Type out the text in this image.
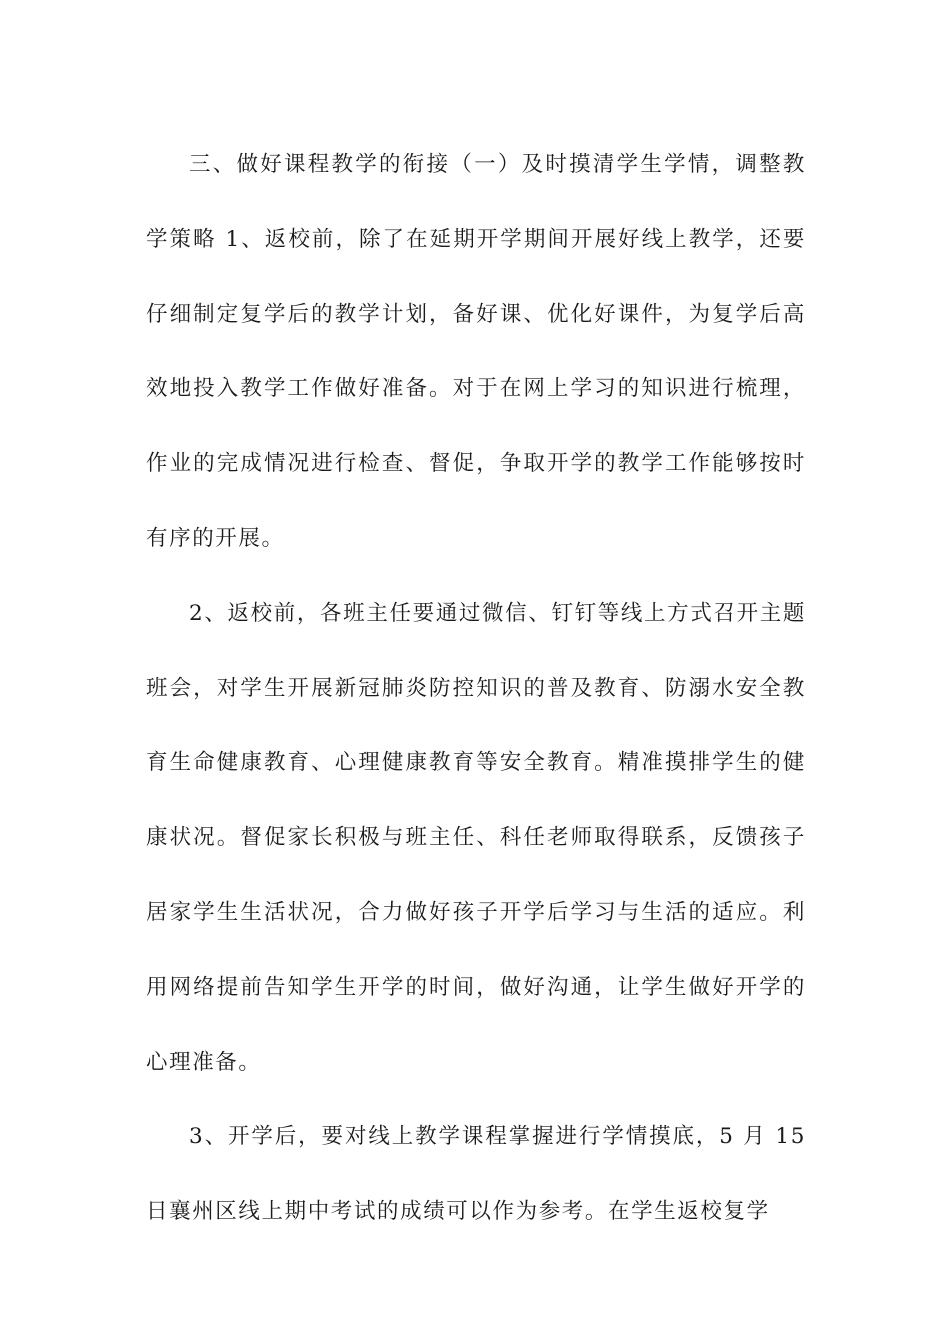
三、做好课程教学的衔接（一）及时摸清学生学情，调整教学策略 1、返校前，除了在延期开学期间开展好线上教学，还要仔细制定复学后的教学计划，备好课、优化好课件，为复学后高效地投入教学工作做好准备。对于在网上学习的知识进行梳理，作业的完成情况进行检查、督促，争取开学的教学工作能够按时有序的开展。

2、返校前，各班主任要通过微信、钉钉等线上方式召开主题班会，对学生开展新冠肺炎防控知识的普及教育、防溺水安全教育生命健康教育、心理健康教育等安全教育。精准摸排学生的健康状况。督促家长积极与班主任、科任老师取得联系，反馈孩子居家学生生活状况，合力做好孩子开学后学习与生活的适应。利用网络提前告知学生开学的时间，做好沟通，让学生做好开学的心理准备。

3、开学后，要对线上教学课程掌握进行学情摸底，5 月 15 日襄州区线上期中考试的成绩可以作为参考。在学生返校复学
